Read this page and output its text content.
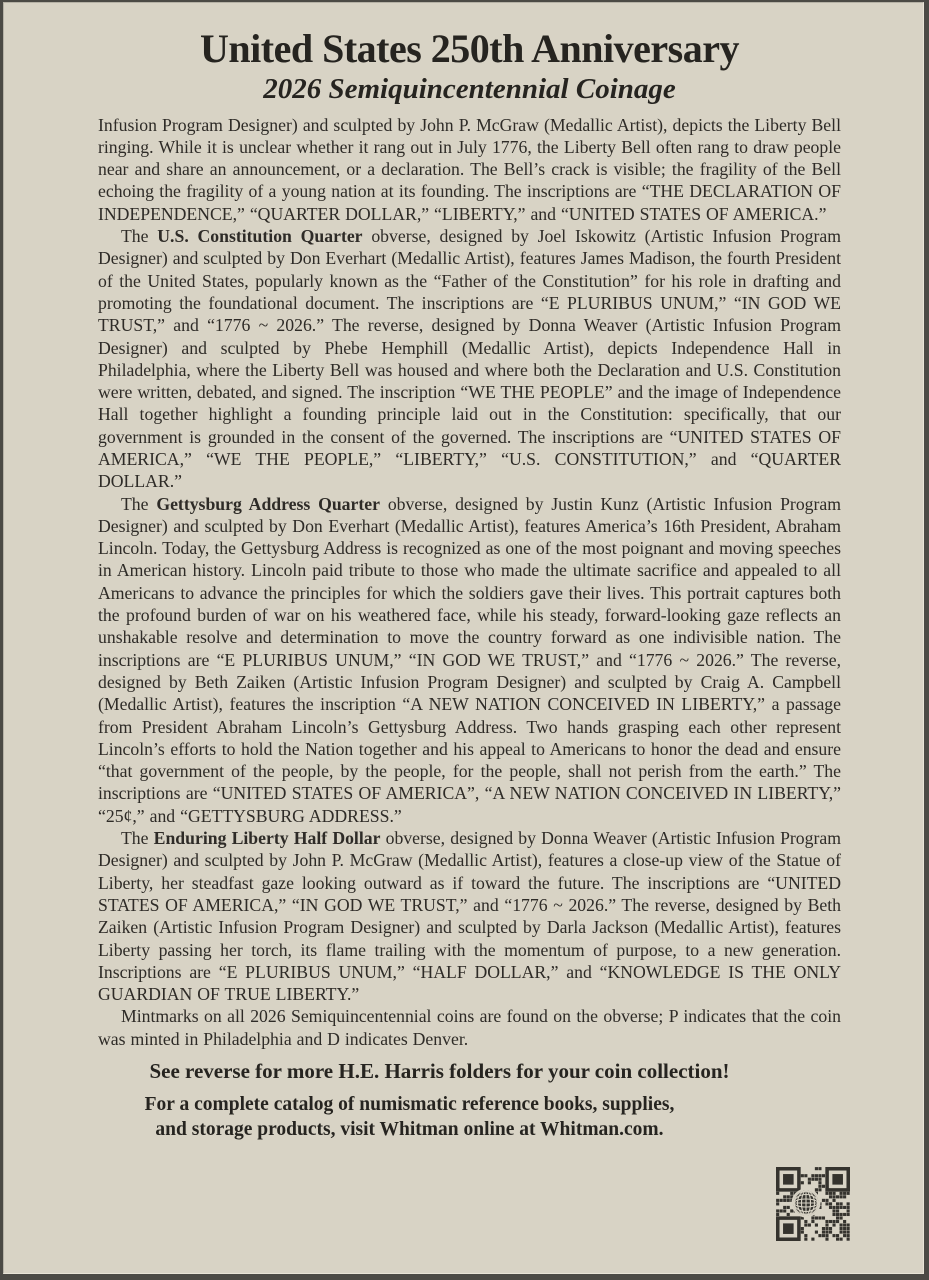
United States 250th Anniversary
2026 Semiquincentennial Coinage

Infusion Program Designer) and sculpted by John P. McGraw (Medallic Artist), depicts the Liberty Bell ringing. While it is unclear whether it rang out in July 1776, the Liberty Bell often rang to draw people near and share an announcement, or a declaration. The Bell’s crack is visible; the fragility of the Bell echoing the fragility of a young nation at its founding. The inscriptions are “THE DECLARATION OF INDEPENDENCE,” “QUARTER DOLLAR,” “LIBERTY,” and “UNITED STATES OF AMERICA.”

The U.S. Constitution Quarter obverse, designed by Joel Iskowitz (Artistic Infusion Program Designer) and sculpted by Don Everhart (Medallic Artist), features James Madison, the fourth President of the United States, popularly known as the “Father of the Constitution” for his role in drafting and promoting the foundational document. The inscriptions are “E PLURIBUS UNUM,” “IN GOD WE TRUST,” and “1776 ~ 2026.” The reverse, designed by Donna Weaver (Artistic Infusion Program Designer) and sculpted by Phebe Hemphill (Medallic Artist), depicts Independence Hall in Philadelphia, where the Liberty Bell was housed and where both the Declaration and U.S. Constitution were written, debated, and signed. The inscription “WE THE PEOPLE” and the image of Independence Hall together highlight a founding principle laid out in the Constitution: specifically, that our government is grounded in the consent of the governed. The inscriptions are “UNITED STATES OF AMERICA,” “WE THE PEOPLE,” “LIBERTY,” “U.S. CONSTITUTION,” and “QUARTER DOLLAR.”

The Gettysburg Address Quarter obverse, designed by Justin Kunz (Artistic Infusion Program Designer) and sculpted by Don Everhart (Medallic Artist), features America’s 16th President, Abraham Lincoln. Today, the Gettysburg Address is recognized as one of the most poignant and moving speeches in American history. Lincoln paid tribute to those who made the ultimate sacrifice and appealed to all Americans to advance the principles for which the soldiers gave their lives. This portrait captures both the profound burden of war on his weathered face, while his steady, forward-looking gaze reflects an unshakable resolve and determination to move the country forward as one indivisible nation. The inscriptions are “E PLURIBUS UNUM,” “IN GOD WE TRUST,” and “1776 ~ 2026.” The reverse, designed by Beth Zaiken (Artistic Infusion Program Designer) and sculpted by Craig A. Campbell (Medallic Artist), features the inscription “A NEW NATION CONCEIVED IN LIBERTY,” a passage from President Abraham Lincoln’s Gettysburg Address. Two hands grasping each other represent Lincoln’s efforts to hold the Nation together and his appeal to Americans to honor the dead and ensure “that government of the people, by the people, for the people, shall not perish from the earth.” The inscriptions are “UNITED STATES OF AMERICA”, “A NEW NATION CONCEIVED IN LIBERTY,” “25¢,” and “GETTYSBURG ADDRESS.”

The Enduring Liberty Half Dollar obverse, designed by Donna Weaver (Artistic Infusion Program Designer) and sculpted by John P. McGraw (Medallic Artist), features a close-up view of the Statue of Liberty, her steadfast gaze looking outward as if toward the future. The inscriptions are “UNITED STATES OF AMERICA,” “IN GOD WE TRUST,” and “1776 ~ 2026.” The reverse, designed by Beth Zaiken (Artistic Infusion Program Designer) and sculpted by Darla Jackson (Medallic Artist), features Liberty passing her torch, its flame trailing with the momentum of purpose, to a new generation. Inscriptions are “E PLURIBUS UNUM,” “HALF DOLLAR,” and “KNOWLEDGE IS THE ONLY GUARDIAN OF TRUE LIBERTY.”

Mintmarks on all 2026 Semiquincentennial coins are found on the obverse; P indicates that the coin was minted in Philadelphia and D indicates Denver.

See reverse for more H.E. Harris folders for your coin collection!

For a complete catalog of numismatic reference books, supplies,
and storage products, visit Whitman online at Whitman.com.
